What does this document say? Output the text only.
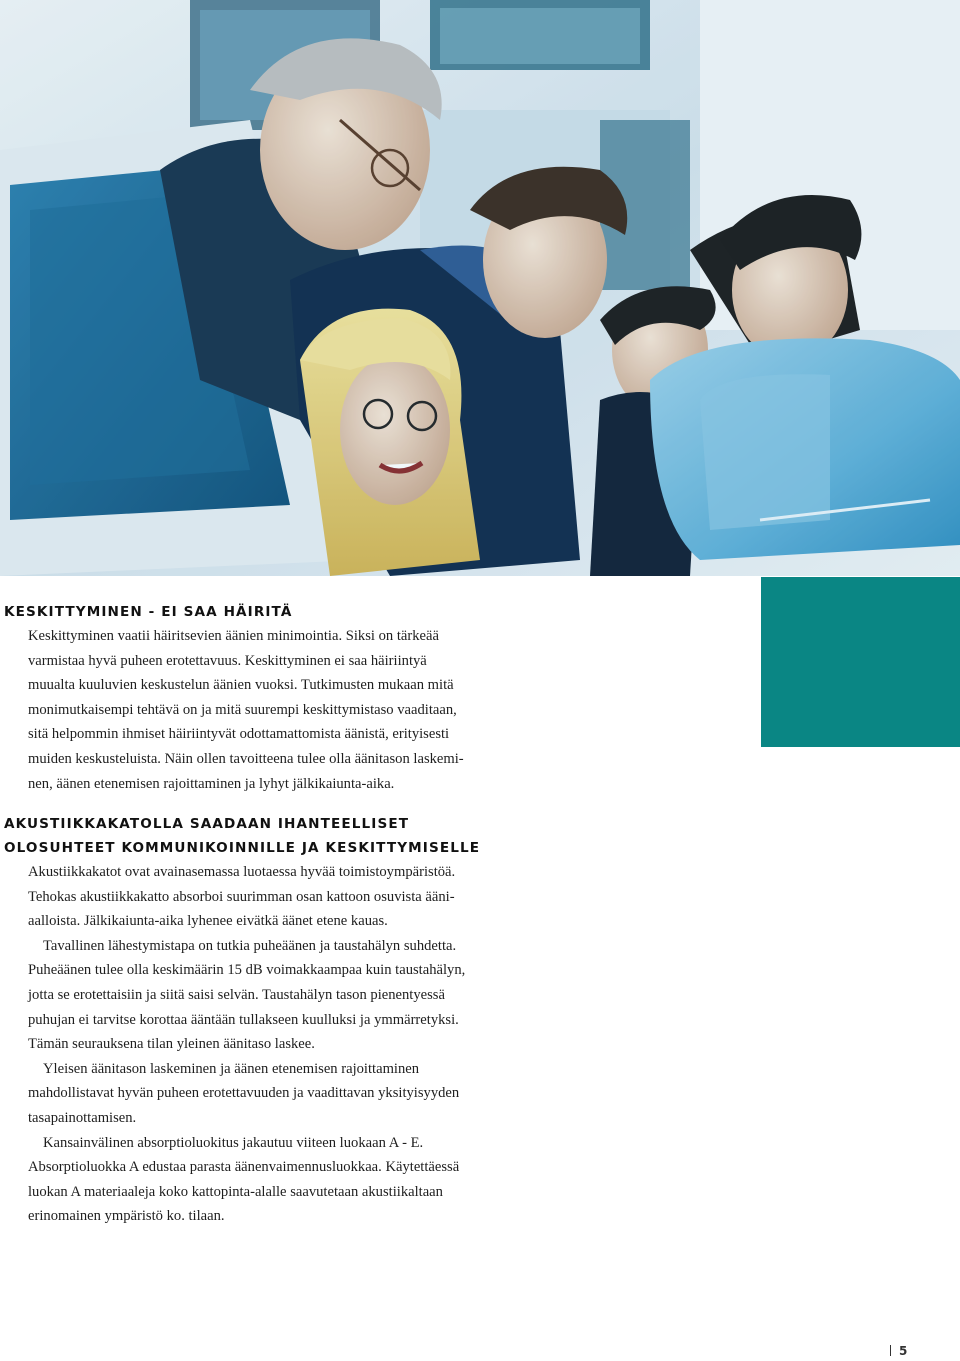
KESKITTYMINEN - EI SAA HÄIRITÄ
Keskittyminen vaatii häiritsevien äänien minimointia. Siksi on tärkeää
varmistaa hyvä puheen erotettavuus. Keskittyminen ei saa häiriintyä
muualta kuuluvien keskustelun äänien vuoksi. Tutkimusten mukaan mitä
monimutkaisempi tehtävä on ja mitä suurempi keskittymistaso vaaditaan,
sitä helpommin ihmiset häiriintyvät odottamattomista äänistä, erityisesti
muiden keskusteluista. Näin ollen tavoitteena tulee olla äänitason laskemi-
nen, äänen etenemisen rajoittaminen ja lyhyt jälkikaiunta-aika.
AKUSTIIKKAKATOLLA SAADAAN IHANTEELLISET
OLOSUHTEET KOMMUNIKOINNILLE JA KESKITTYMISELLE
Akustiikkakatot ovat avainasemassa luotaessa hyvää toimistoympäristöä.
Tehokas akustiikkakatto absorboi suurimman osan kattoon osuvista ääni-
aalloista. Jälkikaiunta-aika lyhenee eivätkä äänet etene kauas.
Tavallinen lähestymistapa on tutkia puheäänen ja taustahälyn suhdetta.
Puheäänen tulee olla keskimäärin 15 dB voimakkaampaa kuin taustahälyn,
jotta se erotettaisiin ja siitä saisi selvän. Taustahälyn tason pienentyessä
puhujan ei tarvitse korottaa ääntään tullakseen kuulluksi ja ymmärretyksi.
Tämän seurauksena tilan yleinen äänitaso laskee.
Yleisen äänitason laskeminen ja äänen etenemisen rajoittaminen
mahdollistavat hyvän puheen erotettavuuden ja vaadittavan yksityisyyden
tasapainottamisen.
Kansainvälinen absorptioluokitus jakautuu viiteen luokaan A - E.
Absorptioluokka A edustaa parasta äänenvaimennusluokkaa. Käytettäessä
luokan A materiaaleja koko kattopinta-alalle saavutetaan akustiikaltaan
erinomainen ympäristö ko. tilaan.
5
